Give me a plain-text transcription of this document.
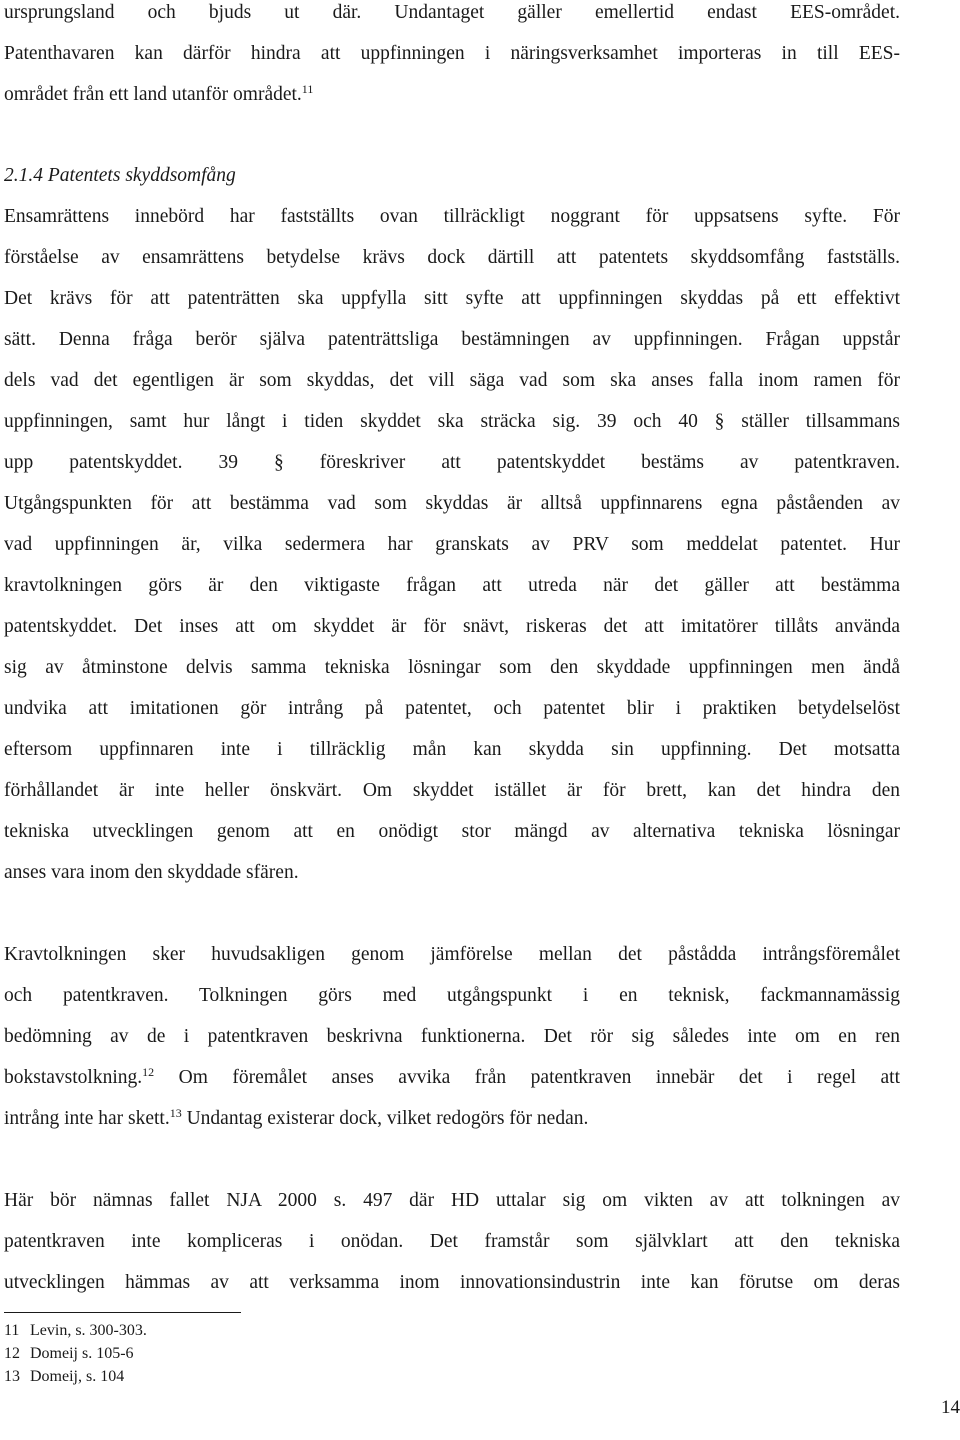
ursprungsland och bjuds ut där. Undantaget gäller emellertid endast EES-området.
Patenthavaren kan därför hindra att uppfinningen i näringsverksamhet importeras in till EES-
området från ett land utanför området.$^{11}$
2.1.4 Patentets skyddsomfång
Ensamrättens innebörd har fastställts ovan tillräckligt noggrant för uppsatsens syfte. För
förståelse av ensamrättens betydelse krävs dock därtill att patentets skyddsomfång fastställs.
Det krävs för att patenträtten ska uppfylla sitt syfte att uppfinningen skyddas på ett effektivt
sätt. Denna fråga berör själva patenträttsliga bestämningen av uppfinningen. Frågan uppstår
dels vad det egentligen är som skyddas, det vill säga vad som ska anses falla inom ramen för
uppfinningen, samt hur långt i tiden skyddet ska sträcka sig. 39 och 40 § ställer tillsammans
upp patentskyddet. 39 § föreskriver att patentskyddet bestäms av patentkraven.
Utgångspunkten för att bestämma vad som skyddas är alltså uppfinnarens egna påståenden av
vad uppfinningen är, vilka sedermera har granskats av PRV som meddelat patentet. Hur
kravtolkningen görs är den viktigaste frågan att utreda när det gäller att bestämma
patentskyddet. Det inses att om skyddet är för snävt, riskeras det att imitatörer tillåts använda
sig av åtminstone delvis samma tekniska lösningar som den skyddade uppfinningen men ändå
undvika att imitationen gör intrång på patentet, och patentet blir i praktiken betydelselöst
eftersom uppfinnaren inte i tillräcklig mån kan skydda sin uppfinning. Det motsatta
förhållandet är inte heller önskvärt. Om skyddet istället är för brett, kan det hindra den
tekniska utvecklingen genom att en onödigt stor mängd av alternativa tekniska lösningar
anses vara inom den skyddade sfären.
Kravtolkningen sker huvudsakligen genom jämförelse mellan det påstådda intrångsföremålet
och patentkraven. Tolkningen görs med utgångspunkt i en teknisk, fackmannamässig
bedömning av de i patentkraven beskrivna funktionerna. Det rör sig således inte om en ren
bokstavstolkning.$^{12}$ Om föremålet anses avvika från patentkraven innebär det i regel att
intrång inte har skett.$^{13}$ Undantag existerar dock, vilket redogörs för nedan.
Här bör nämnas fallet NJA 2000 s. 497 där HD uttalar sig om vikten av att tolkningen av
patentkraven inte kompliceras i onödan. Det framstår som självklart att den tekniska
utvecklingen hämmas av att verksamma inom innovationsindustrin inte kan förutse om deras
11 Levin, s. 300-303.
12 Domeij s. 105-6
13 Domeij, s. 104
14
